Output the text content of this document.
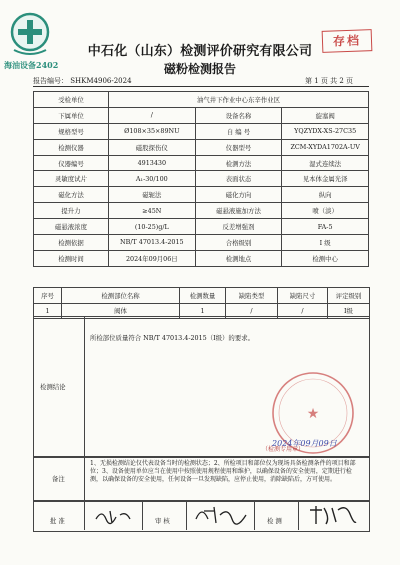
海油设备2402
中石化（山东）检测评价研究有限公司
磁粉检测报告
存档
报告编号： SHKM4906-2024	第 1 页 共 2 页
受检单位	油气井下作业中心东辛作业区		
下属单位	/	设备名称	旋塞阀
规格型号	Ø108×35×89NU	自 编 号	YQZYDX-XS-27C35
检测仪器	磁股探伤仪	仪器型号	ZCM-XYDA1702A-UV
仪器编号	4913430	检测方法	湿式连续法
灵敏度试片	A₁-30/100	表面状态	见本体金属光泽
磁化方法	磁轭法	磁化方向	纵向
提升力	≥45N	磁悬液施加方法	喷（淡）
磁悬液浓度	(10-25)g/L	反差增强剂	FA-5
检测依据	NB/T 47013.4-2015	合格级别	I 级
检测时间	2024年09月06日	检测地点	检测中心
序号	检测部位名称	检测数量	缺陷类型	缺陷尺寸	评定级别
1	阀体	1	/	/	Ⅰ级
检测结论
所检部位质量符合 NB/T 47013.4-2015（Ⅰ级）的要求。
★
2024年09月09日
（检测专用章）
备注
1、无损检测结论仅代表设备当时的检测状态；2、所检项目和部位仅为现场具备检测条件的项目和部位；3、设备使用单位应当在使用中按照使用规程使用和维护，以确保设备的安全使用，定期进行检测，以确保设备的安全使用，任何设备一旦发现缺陷，应停止使用，消除缺陷后，方可使用。
批 准	审 核	检 测
